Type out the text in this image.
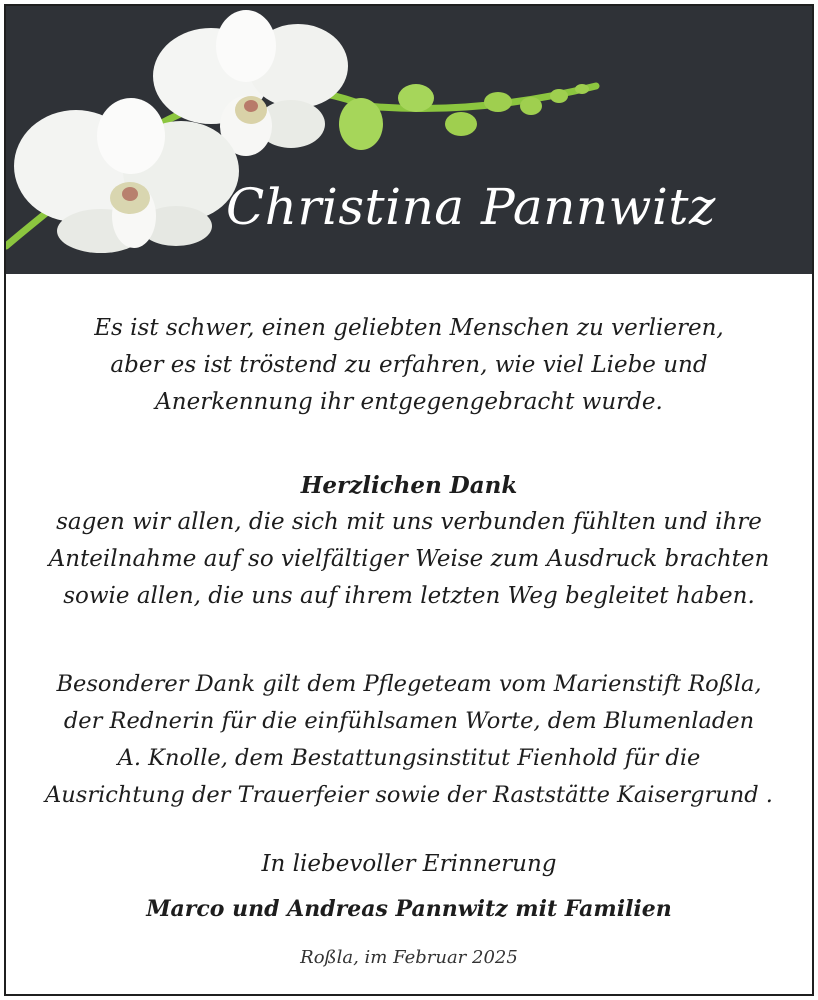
Christina Pannwitz
Es ist schwer, einen geliebten Menschen zu verlieren,
aber es ist tröstend zu erfahren, wie viel Liebe und
Anerkennung ihr entgegengebracht wurde.
Herzlichen Dank
sagen wir allen, die sich mit uns verbunden fühlten und ihre
Anteilnahme auf so vielfältiger Weise zum Ausdruck brachten
sowie allen, die uns auf ihrem letzten Weg begleitet haben.
Besonderer Dank gilt dem Pflegeteam vom Marienstift Roßla,
der Rednerin für die einfühlsamen Worte, dem Blumenladen
A. Knolle, dem Bestattungsinstitut Fienhold für die
Ausrichtung der Trauerfeier sowie der Raststätte Kaisergrund .
In liebevoller Erinnerung
Marco und Andreas Pannwitz mit Familien
Roßla, im Februar 2025
